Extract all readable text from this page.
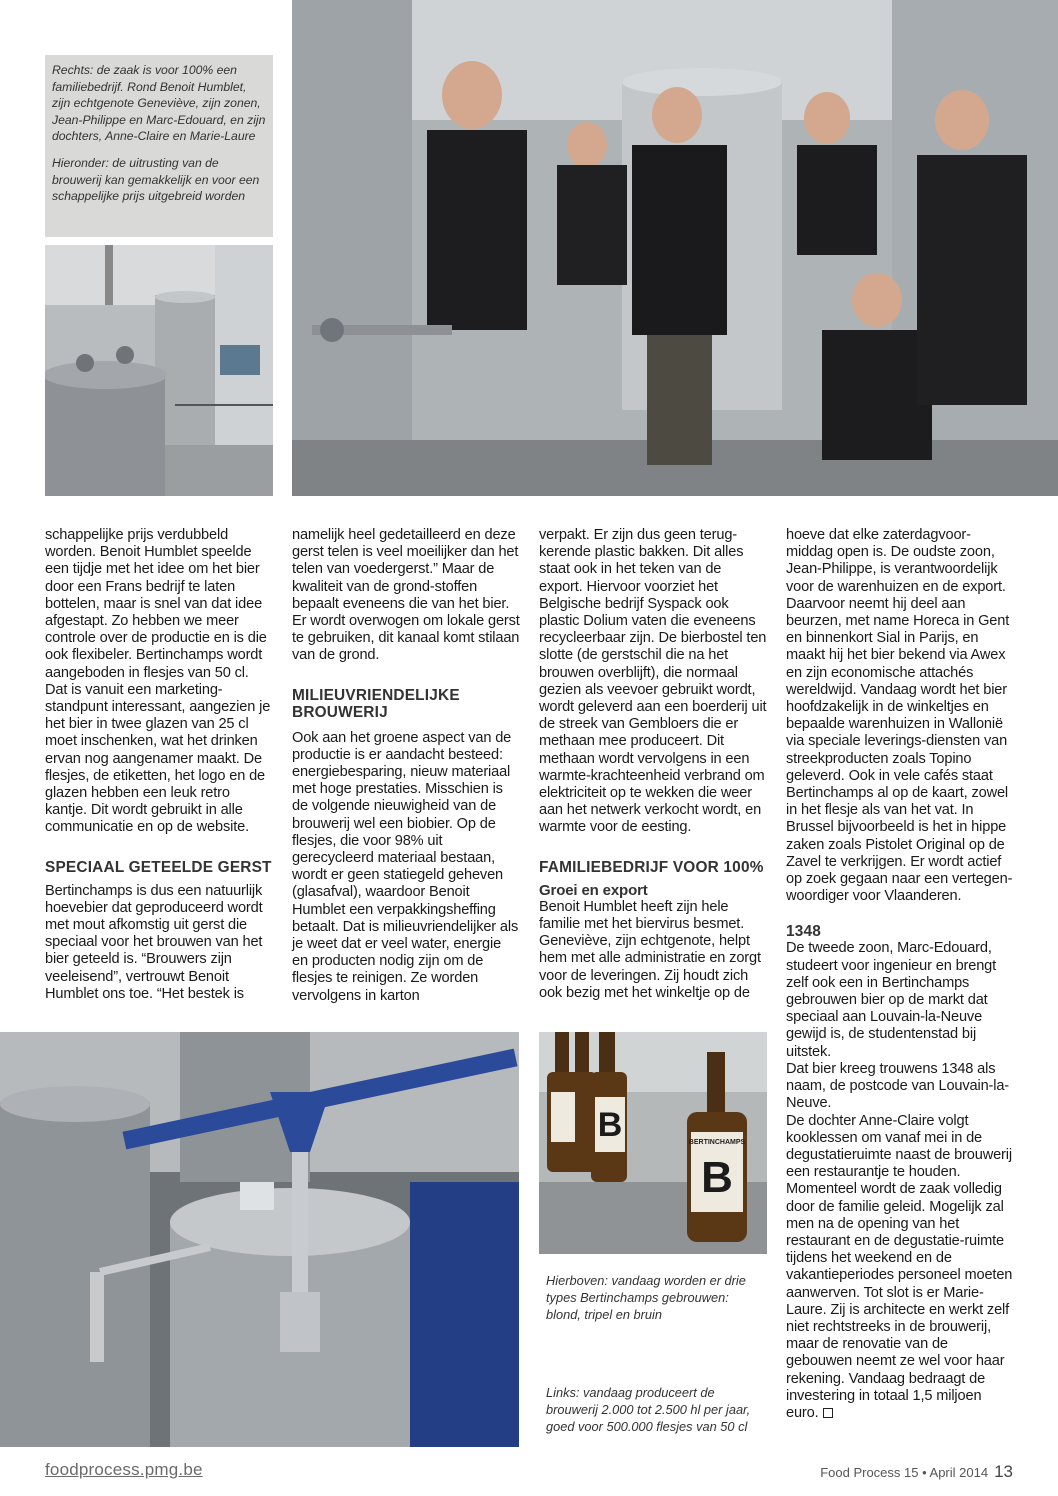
Rechts: de zaak is voor 100% een familiebedrijf. Rond Benoit Humblet, zijn echtgenote Geneviève, zijn zonen, Jean-Philippe en Marc-Edouard, en zijn dochters, Anne-Claire en Marie-Laure

Hieronder: de uitrusting van de brouwerij kan gemakkelijk en voor een schappelijke prijs uitgebreid worden

schappelijke prijs verdubbeld worden. Benoit Humblet speelde een tijdje met het idee om het bier door een Frans bedrijf te laten bottelen, maar is snel van dat idee afgestapt. Zo hebben we meer controle over de productie en is die ook flexibeler. Bertinchamps wordt aangeboden in flesjes van 50 cl. Dat is vanuit een marketing-standpunt interessant, aangezien je het bier in twee glazen van 25 cl moet inschenken, wat het drinken ervan nog aangenamer maakt. De flesjes, de etiketten, het logo en de glazen hebben een leuk retro kantje. Dit wordt gebruikt in alle communicatie en op de website.

SPECIAAL GETEELDE GERST

Bertinchamps is dus een natuurlijk hoevebier dat geproduceerd wordt met mout afkomstig uit gerst die speciaal voor het brouwen van het bier geteeld is. “Brouwers zijn veeleisend”, vertrouwt Benoit Humblet ons toe. “Het bestek is

namelijk heel gedetailleerd en deze gerst telen is veel moeilijker dan het telen van voedergerst.” Maar de kwaliteit van de grond-stoffen bepaalt eveneens die van het bier. Er wordt overwogen om lokale gerst te gebruiken, dit kanaal komt stilaan van de grond.

MILIEUVRIENDELIJKE BROUWERIJ

Ook aan het groene aspect van de productie is er aandacht besteed: energiebesparing, nieuw materiaal met hoge prestaties. Misschien is de volgende nieuwigheid van de brouwerij wel een biobier. Op de flesjes, die voor 98% uit gerecycleerd materiaal bestaan, wordt er geen statiegeld geheven (glasafval), waardoor Benoit Humblet een verpakkingsheffing betaalt. Dat is milieuvriendelijker als je weet dat er veel water, energie en producten nodig zijn om de flesjes te reinigen. Ze worden vervolgens in karton

verpakt. Er zijn dus geen terug-kerende plastic bakken. Dit alles staat ook in het teken van de export. Hiervoor voorziet het Belgische bedrijf Syspack ook plastic Dolium vaten die eveneens recycleerbaar zijn. De bierbostel ten slotte (de gerstschil die na het brouwen overblijft), die normaal gezien als veevoer gebruikt wordt, wordt geleverd aan een boerderij uit de streek van Gembloers die er methaan mee produceert. Dit methaan wordt vervolgens in een warmte-krachteenheid verbrand om elektriciteit op te wekken die weer aan het netwerk verkocht wordt, en warmte voor de eesting.

FAMILIEBEDRIJF VOOR 100%

Groei en export

Benoit Humblet heeft zijn hele familie met het biervirus besmet. Geneviève, zijn echtgenote, helpt hem met alle administratie en zorgt voor de leveringen. Zij houdt zich ook bezig met het winkeltje op de

hoeve dat elke zaterdagvoor-middag open is. De oudste zoon, Jean-Philippe, is verantwoordelijk voor de warenhuizen en de export. Daarvoor neemt hij deel aan beurzen, met name Horeca in Gent en binnenkort Sial in Parijs, en maakt hij het bier bekend via Awex en zijn economische attachés wereldwijd. Vandaag wordt het bier hoofdzakelijk in de winkeltjes en bepaalde warenhuizen in Wallonië via speciale leverings-diensten van streekproducten zoals Topino geleverd. Ook in vele cafés staat Bertinchamps al op de kaart, zowel in het flesje als van het vat. In Brussel bijvoorbeeld is het in hippe zaken zoals Pistolet Original op de Zavel te verkrijgen. Er wordt actief op zoek gegaan naar een vertegen-woordiger voor Vlaanderen.

1348

De tweede zoon, Marc-Edouard, studeert voor ingenieur en brengt zelf ook een in Bertinchamps gebrouwen bier op de markt dat speciaal aan Louvain-la-Neuve gewijd is, de studentenstad bij uitstek.

Dat bier kreeg trouwens 1348 als naam, de postcode van Louvain-la-Neuve.

De dochter Anne-Claire volgt kooklessen om vanaf mei in de degustatieruimte naast de brouwerij een restaurantje te houden. Momenteel wordt de zaak volledig door de familie geleid. Mogelijk zal men na de opening van het restaurant en de degustatie-ruimte tijdens het weekend en de vakantieperiodes personeel moeten aanwerven. Tot slot is er Marie-Laure. Zij is architecte en werkt zelf niet rechtstreeks in de brouwerij, maar de renovatie van de gebouwen neemt ze wel voor haar rekening. Vandaag bedraagt de investering in totaal 1,5 miljoen euro.

B	BERTINCHAMPS
B
Hierboven: vandaag worden er drie types Bertinchamps gebrouwen: blond, tripel en bruin
Links: vandaag produceert de brouwerij 2.000 tot 2.500 hl per jaar, goed voor 500.000 flesjes van 50 cl
foodprocess.pmg.be	Food Process 15 • April 2014 13
